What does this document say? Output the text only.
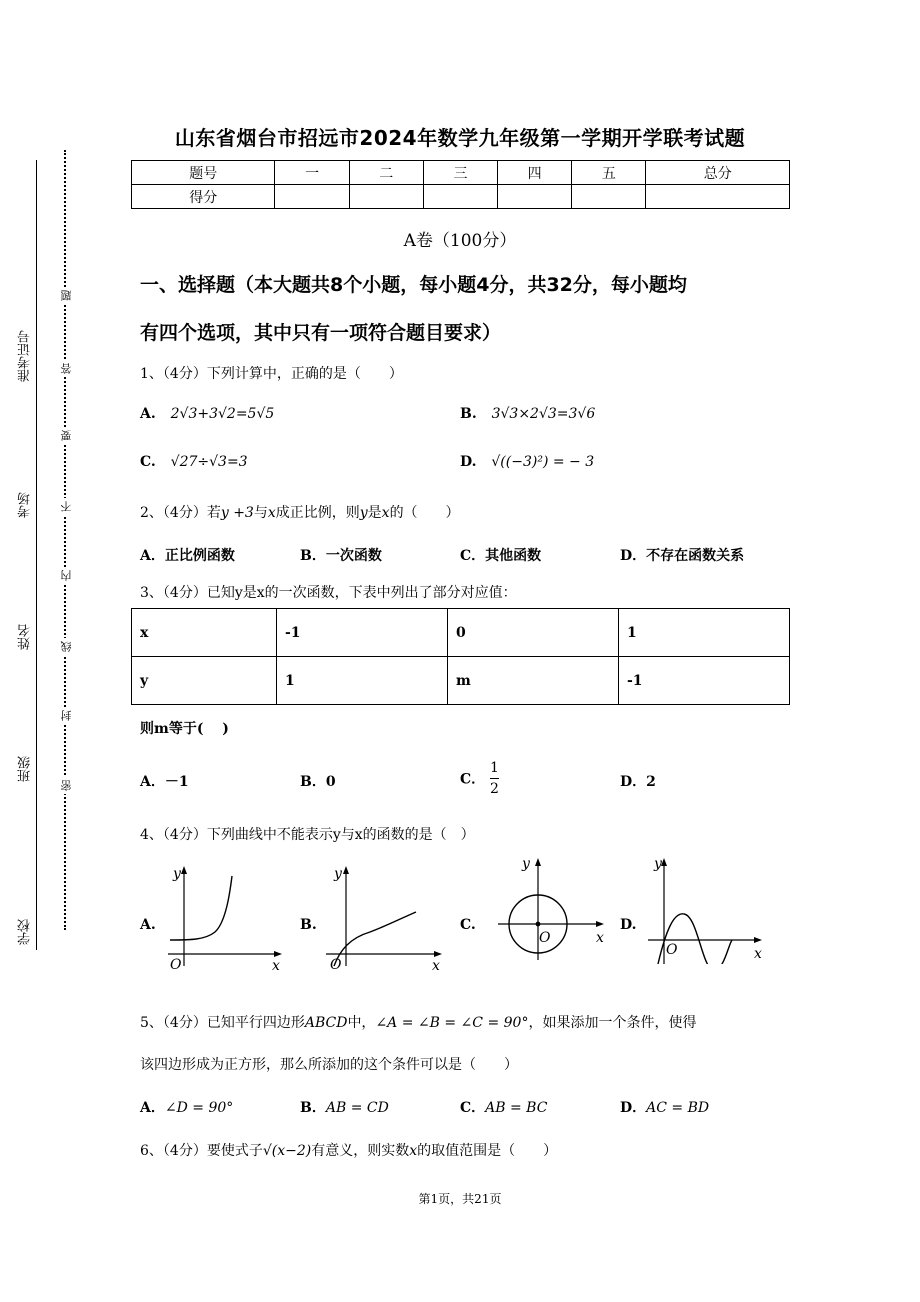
准考证号
考场
姓名
班级
学校
题
答
要
不
内
线
封
密
山东省烟台市招远市2024年数学九年级第一学期开学联考试题
题号	一	二	三	四	五	总分
得分						
A卷（100分）
一、选择题（本大题共8个小题，每小题4分，共32分，每小题均
有四个选项，其中只有一项符合题目要求）
1、（4分）下列计算中，正确的是（　　）
A. 2√3+3√2=5√5	B. 3√3×2√3=3√6
C. √27÷√3=3	D. √((−3)²) = − 3
2、（4分）若y +3与x成正比例，则y是x的（　　）
A．正比例函数	B．一次函数	C．其他函数	D．不存在函数关系
3、（4分）已知y是x的一次函数，下表中列出了部分对应值：
x	-1	0	1
y	1	m	-1
则m等于(　 )
A．－1	B．0	C． $\frac{1}{2}$	D．2
4、（4分）下列曲线中不能表示y与x的函数的是（　）
A.
y
x
O
B.
y
x
O
C.
y
x
O
D.
y
x
O
5、（4分）已知平行四边形ABCD中，∠A = ∠B = ∠C = 90°，如果添加一个条件，使得
该四边形成为正方形，那么所添加的这个条件可以是（　　）
A．∠D = 90°	B．AB = CD	C．AB = BC	D．AC = BD
6、（4分）要使式子√(x−2)有意义，则实数x的取值范围是（　　）
第1页，共21页
